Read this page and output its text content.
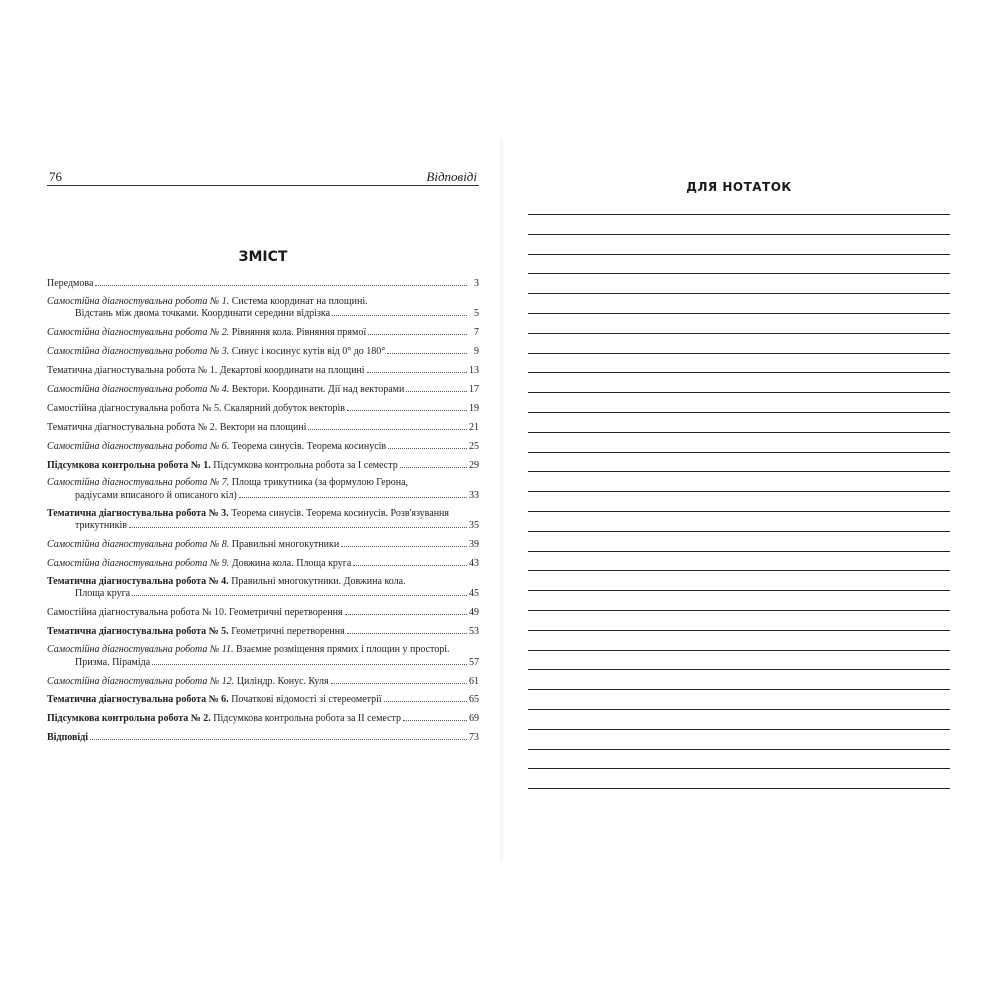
76	Відповіді
ЗМІСТ
Передмова	3
Самостійна діагностувальна робота № 1. Система координат на площині.
Відстань між двома точками. Координати середини відрізка	5
Самостійна діагностувальна робота № 2. Рівняння кола. Рівняння прямої	7
Самостійна діагностувальна робота № 3. Синус і косинус кутів від 0° до 180°	9
Тематична діагностувальна робота № 1. Декартові координати на площині	13
Самостійна діагностувальна робота № 4. Вектори. Координати. Дії над векторами	17
Самостійна діагностувальна робота № 5. Скалярний добуток векторів	19
Тематична діагностувальна робота № 2. Вектори на площині	21
Самостійна діагностувальна робота № 6. Теорема синусів. Теорема косинусів	25
Підсумкова контрольна робота № 1. Підсумкова контрольна робота за І семестр	29
Самостійна діагностувальна робота № 7. Площа трикутника (за формулою Герона,
радіусами вписаного й описаного кіл)	33
Тематична діагностувальна робота № 3. Теорема синусів. Теорема косинусів. Розв'язування
трикутників	35
Самостійна діагностувальна робота № 8. Правильні многокутники	39
Самостійна діагностувальна робота № 9. Довжина кола. Площа круга	43
Тематична діагностувальна робота № 4. Правильні многокутники. Довжина кола.
Площа круга	45
Самостійна діагностувальна робота № 10. Геометричні перетворення	49
Тематична діагностувальна робота № 5. Геометричні перетворення	53
Самостійна діагностувальна робота № 11. Взаємне розміщення прямих і площин у просторі.
Призма. Піраміда	57
Самостійна діагностувальна робота № 12. Циліндр. Конус. Куля	61
Тематична діагностувальна робота № 6. Початкові відомості зі стереометрії	65
Підсумкова контрольна робота № 2. Підсумкова контрольна робота за ІІ семестр	69
Відповіді	73
ДЛЯ НОТАТОК
